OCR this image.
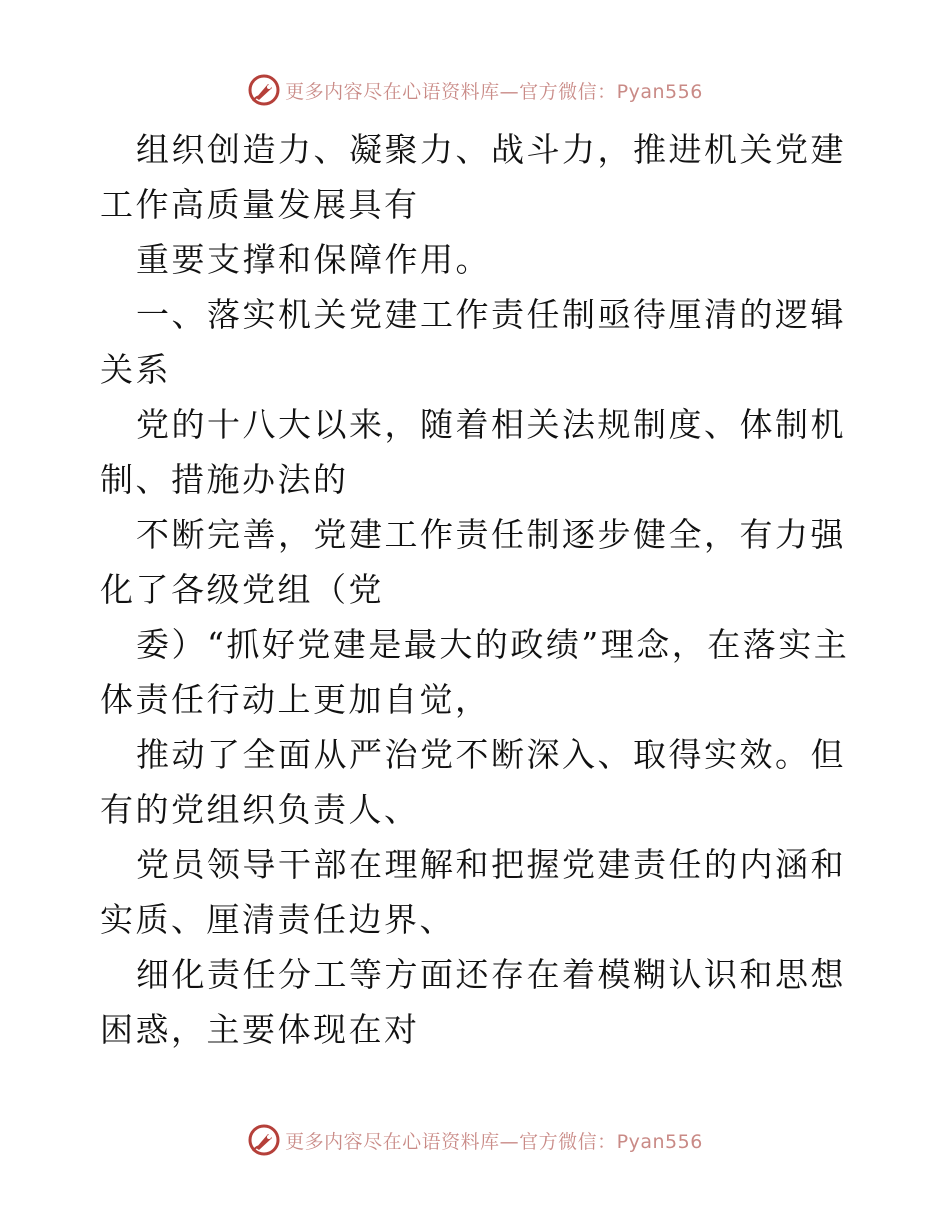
更多内容尽在心语资料库—官方微信：Pyan556

组织创造力、凝聚力、战斗力，推进机关党建工作高质量发展具有

重要支撑和保障作用。

一、落实机关党建工作责任制亟待厘清的逻辑关系

党的十八大以来，随着相关法规制度、体制机制、措施办法的

不断完善，党建工作责任制逐步健全，有力强化了各级党组（党

委）“抓好党建是最大的政绩”理念，在落实主体责任行动上更加自觉，

推动了全面从严治党不断深入、取得实效。但有的党组织负责人、

党员领导干部在理解和把握党建责任的内涵和实质、厘清责任边界、

细化责任分工等方面还存在着模糊认识和思想困惑，主要体现在对

更多内容尽在心语资料库—官方微信：Pyan556
